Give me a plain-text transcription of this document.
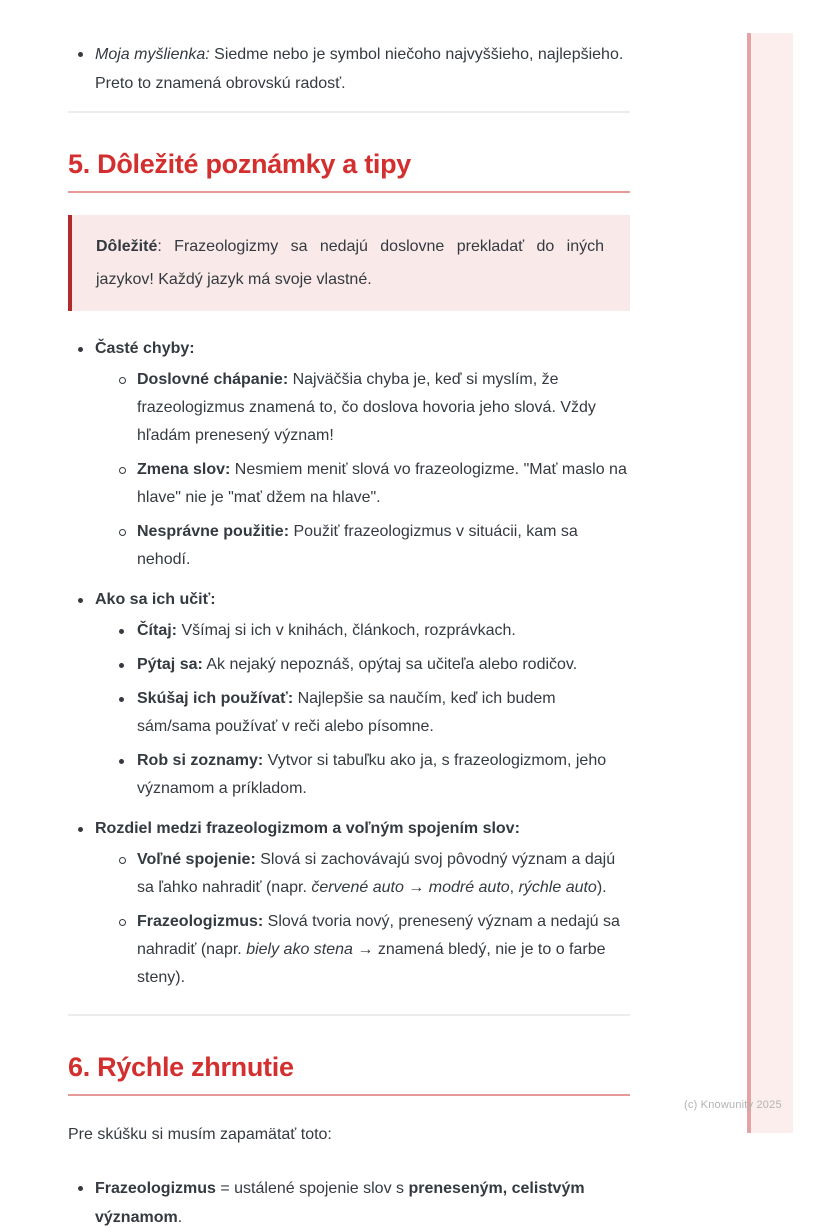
(c) Knowunity 2025
Moja myšlienka: Siedme nebo je symbol niečoho najvyššieho, najlepšieho. Preto to znamená obrovskú radosť.
5. Dôležité poznámky a tipy

Dôležité: Frazeologizmy sa nedajú doslovne prekladať do iných jazykov! Každý jazyk má svoje vlastné.

Časté chyby:

Doslovné chápanie: Najväčšia chyba je, keď si myslím, že frazeologizmus znamená to, čo doslova hovoria jeho slová. Vždy hľadám prenesený význam!
Zmena slov: Nesmiem meniť slová vo frazeologizme. "Mať maslo na hlave" nie je "mať džem na hlave".
Nesprávne použitie: Použiť frazeologizmus v situácii, kam sa nehodí.

Ako sa ich učiť:

Čítaj: Všímaj si ich v knihách, článkoch, rozprávkach.
Pýtaj sa: Ak nejaký nepoznáš, opýtaj sa učiteľa alebo rodičov.
Skúšaj ich používať: Najlepšie sa naučím, keď ich budem sám/sama používať v reči alebo písomne.
Rob si zoznamy: Vytvor si tabuľku ako ja, s frazeologizmom, jeho významom a príkladom.

Rozdiel medzi frazeologizmom a voľným spojením slov:

Voľné spojenie: Slová si zachovávajú svoj pôvodný význam a dajú sa ľahko nahradiť (napr. červené auto → modré auto, rýchle auto).
Frazeologizmus: Slová tvoria nový, prenesený význam a nedajú sa nahradiť (napr. biely ako stena → znamená bledý, nie je to o farbe steny).
6. Rýchle zhrnutie

Pre skúšku si musím zapamätať toto:

Frazeologizmus = ustálené spojenie slov s preneseným, celistvým významom.
